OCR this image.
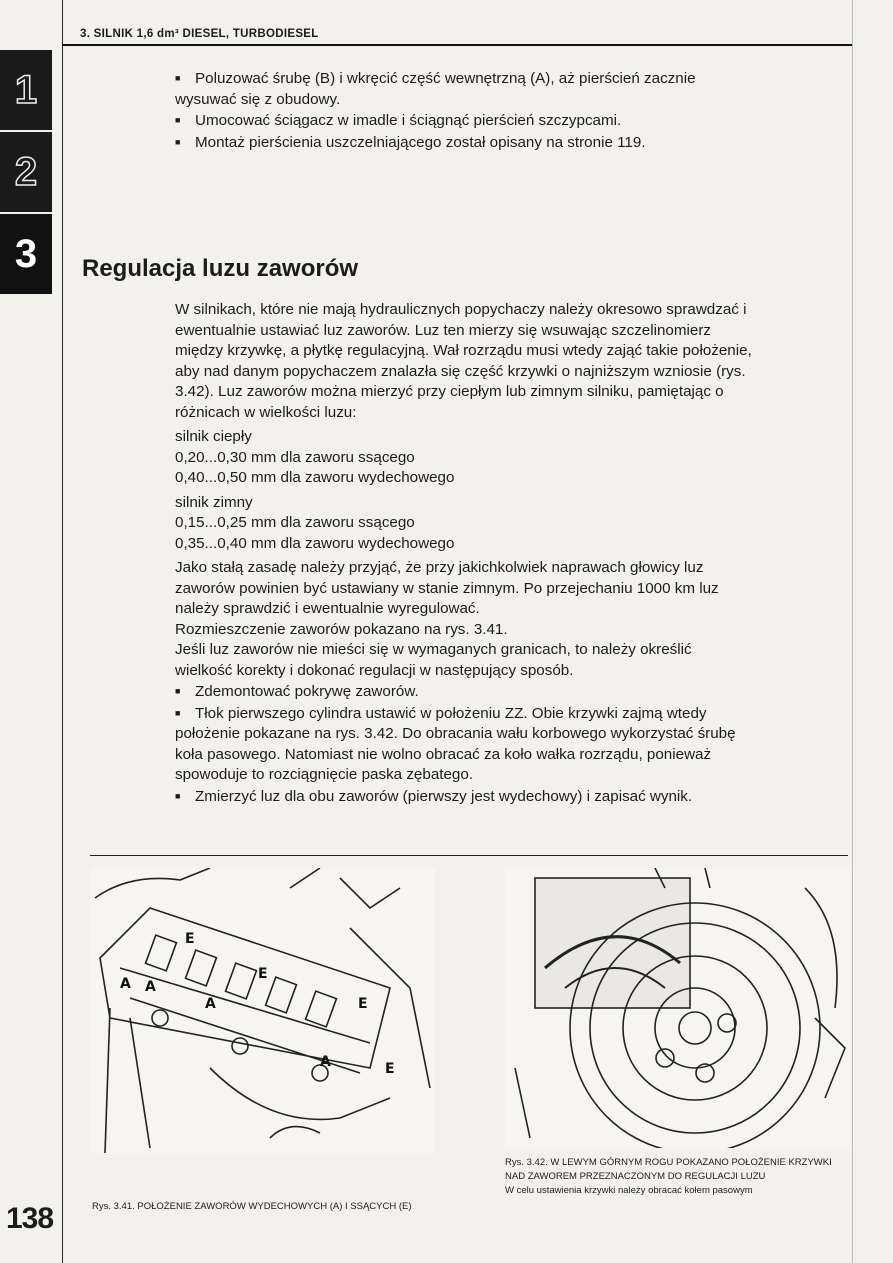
3. SILNIK 1,6 dm³ DIESEL, TURBODIESEL
1
2
3

■ Poluzować śrubę (B) i wkręcić część wewnętrzną (A), aż pierścień zacznie wysuwać się z obudowy.

■ Umocować ściągacz w imadle i ściągnąć pierścień szczypcami.

■ Montaż pierścienia uszczelniającego został opisany na stronie 119.

Regulacja luzu zaworów

W silnikach, które nie mają hydraulicznych popychaczy należy okresowo sprawdzać i ewentualnie ustawiać luz zaworów. Luz ten mierzy się wsuwając szczelinomierz między krzywkę, a płytkę regulacyjną. Wał rozrządu musi wtedy zająć takie położenie, aby nad danym popychaczem znalazła się część krzywki o najniższym wzniosie (rys. 3.42). Luz zaworów można mierzyć przy ciepłym lub zimnym silniku, pamiętając o różnicach w wielkości luzu:

silnik ciepły

0,20...0,30 mm dla zaworu ssącego

0,40...0,50 mm dla zaworu wydechowego

silnik zimny

0,15...0,25 mm dla zaworu ssącego

0,35...0,40 mm dla zaworu wydechowego

Jako stałą zasadę należy przyjąć, że przy jakichkolwiek naprawach głowicy luz zaworów powinien być ustawiany w stanie zimnym. Po przejechaniu 1000 km luz należy sprawdzić i ewentualnie wyregulować.

Rozmieszczenie zaworów pokazano na rys. 3.41.

Jeśli luz zaworów nie mieści się w wymaganych granicach, to należy określić wielkość korekty i dokonać regulacji w następujący sposób.

■ Zdemontować pokrywę zaworów.

■ Tłok pierwszego cylindra ustawić w położeniu ZZ. Obie krzywki zajmą wtedy położenie pokazane na rys. 3.42. Do obracania wału korbowego wykorzystać śrubę koła pasowego. Natomiast nie wolno obracać za koło wałka rozrządu, ponieważ spowoduje to rozciągnięcie paska zębatego.

■ Zmierzyć luz dla obu zaworów (pierwszy jest wydechowy) i zapisać wynik.

E
E
E
E
A
A
A
A
Rys. 3.41. POŁOŻENIE ZAWORÓW WYDECHOWYCH (A) I SSĄCYCH (E)
Rys. 3.42. W LEWYM GÓRNYM ROGU POKAZANO POŁOŻENIE KRZYWKI NAD ZAWOREM PRZEZNACZONYM DO REGULACJI LUZU
W celu ustawienia krzywki należy obracać kołem pasowym
138
